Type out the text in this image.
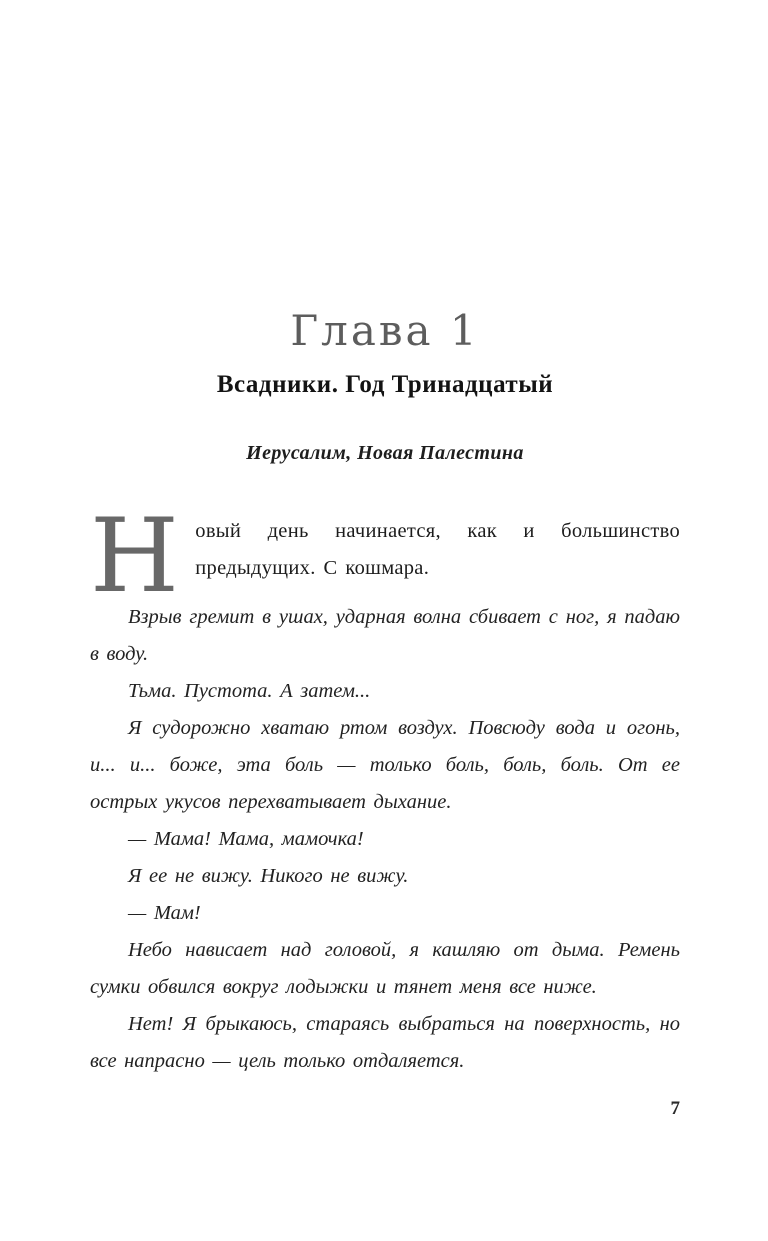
Глава 1
Всадники. Год Тринадцатый
Иерусалим, Новая Палестина

Новый день начинается, как и большинство предыдущих. С кошмара.

Взрыв гремит в ушах, ударная волна сбивает с ног, я падаю в воду.

Тьма. Пустота. А затем...

Я судорожно хватаю ртом воздух. Повсюду вода и огонь, и... и... боже, эта боль — только боль, боль, боль. От ее острых укусов перехватывает дыхание.

— Мама! Мама, мамочка!

Я ее не вижу. Никого не вижу.

— Мам!

Небо нависает над головой, я кашляю от дыма. Ремень сумки обвился вокруг лодыжки и тянет меня все ниже.

Нет! Я брыкаюсь, стараясь выбраться на поверхность, но все напрасно — цель только отдаляется.

7
